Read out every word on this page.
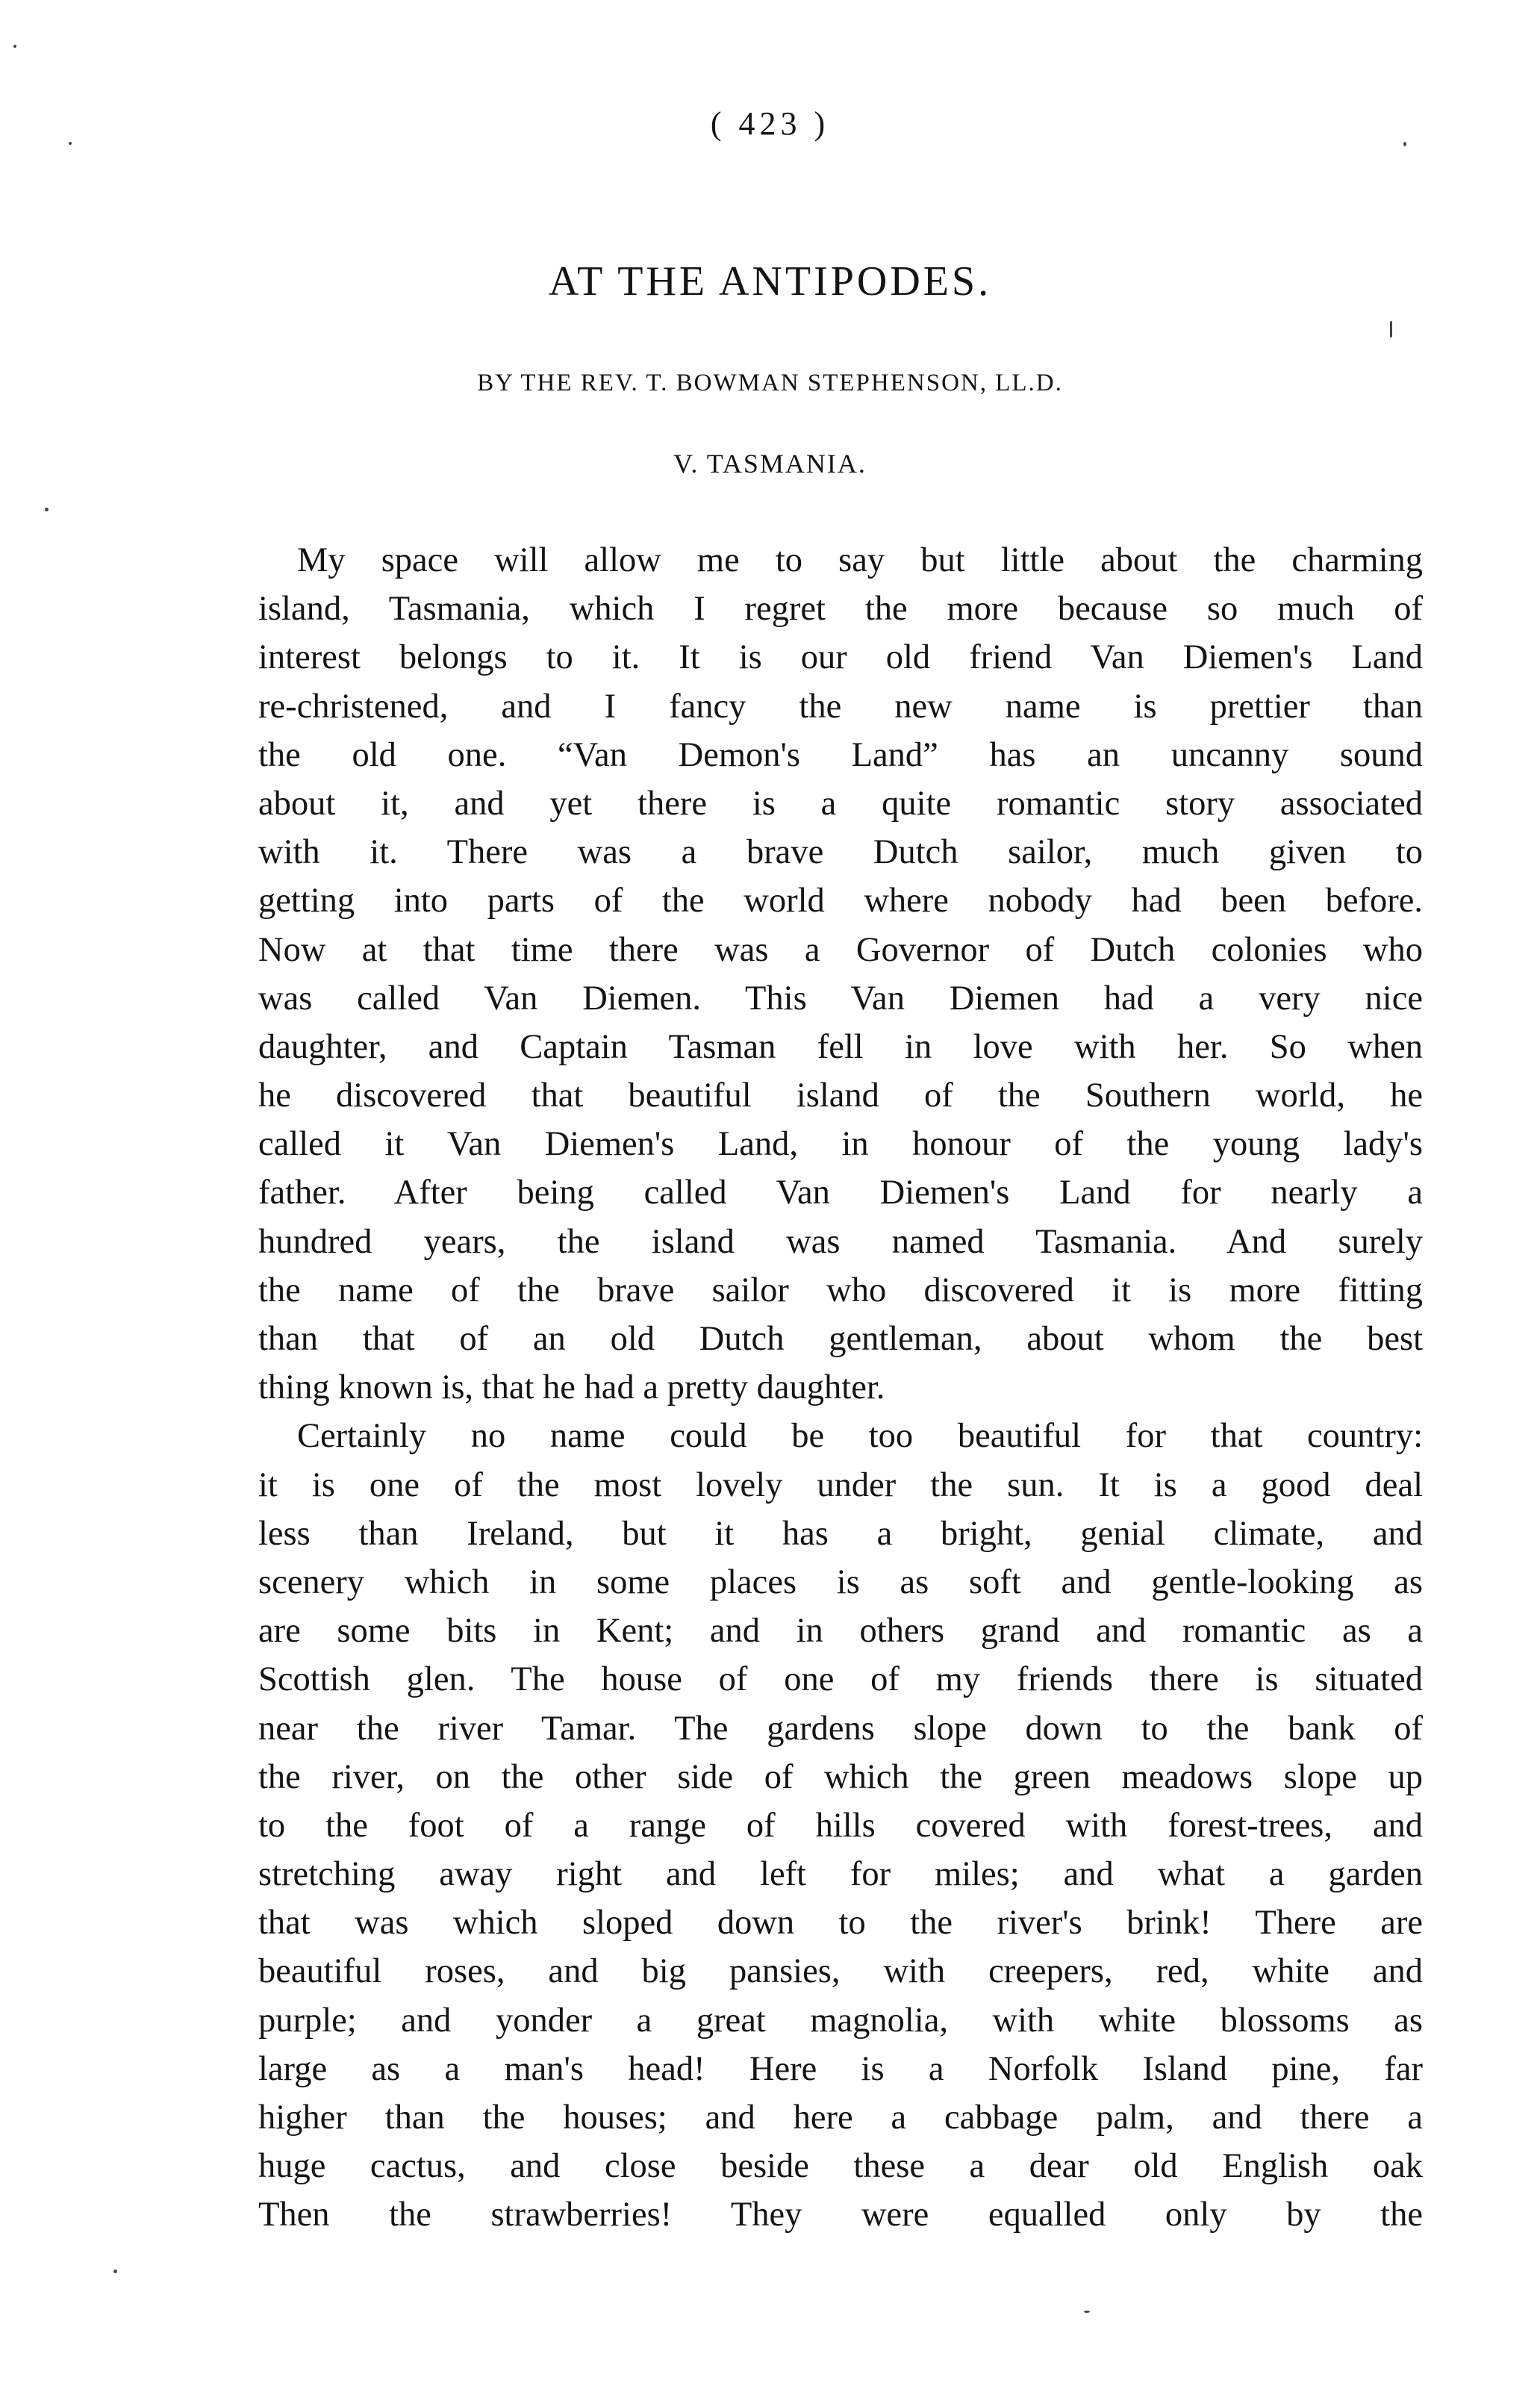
( 423 )
AT THE ANTIPODES.
BY THE REV. T. BOWMAN STEPHENSON, LL.D.
V. TASMANIA.
My space will allow me to say but little about the charming
island, Tasmania, which I regret the more because so much of
interest belongs to it. It is our old friend Van Diemen's Land
re-christened, and I fancy the new name is prettier than
the old one. “Van Demon's Land” has an uncanny sound
about it, and yet there is a quite romantic story associated
with it. There was a brave Dutch sailor, much given to
getting into parts of the world where nobody had been before.
Now at that time there was a Governor of Dutch colonies who
was called Van Diemen. This Van Diemen had a very nice
daughter, and Captain Tasman fell in love with her. So when
he discovered that beautiful island of the Southern world, he
called it Van Diemen's Land, in honour of the young lady's
father. After being called Van Diemen's Land for nearly a
hundred years, the island was named Tasmania. And surely
the name of the brave sailor who discovered it is more fitting
than that of an old Dutch gentleman, about whom the best
thing known is, that he had a pretty daughter.
Certainly no name could be too beautiful for that country:
it is one of the most lovely under the sun. It is a good deal
less than Ireland, but it has a bright, genial climate, and
scenery which in some places is as soft and gentle-looking as
are some bits in Kent; and in others grand and romantic as a
Scottish glen. The house of one of my friends there is situated
near the river Tamar. The gardens slope down to the bank of
the river, on the other side of which the green meadows slope up
to the foot of a range of hills covered with forest-trees, and
stretching away right and left for miles; and what a garden
that was which sloped down to the river's brink! There are
beautiful roses, and big pansies, with creepers, red, white and
purple; and yonder a great magnolia, with white blossoms as
large as a man's head! Here is a Norfolk Island pine, far
higher than the houses; and here a cabbage palm, and there a
huge cactus, and close beside these a dear old English oak
Then the strawberries! They were equalled only by the
